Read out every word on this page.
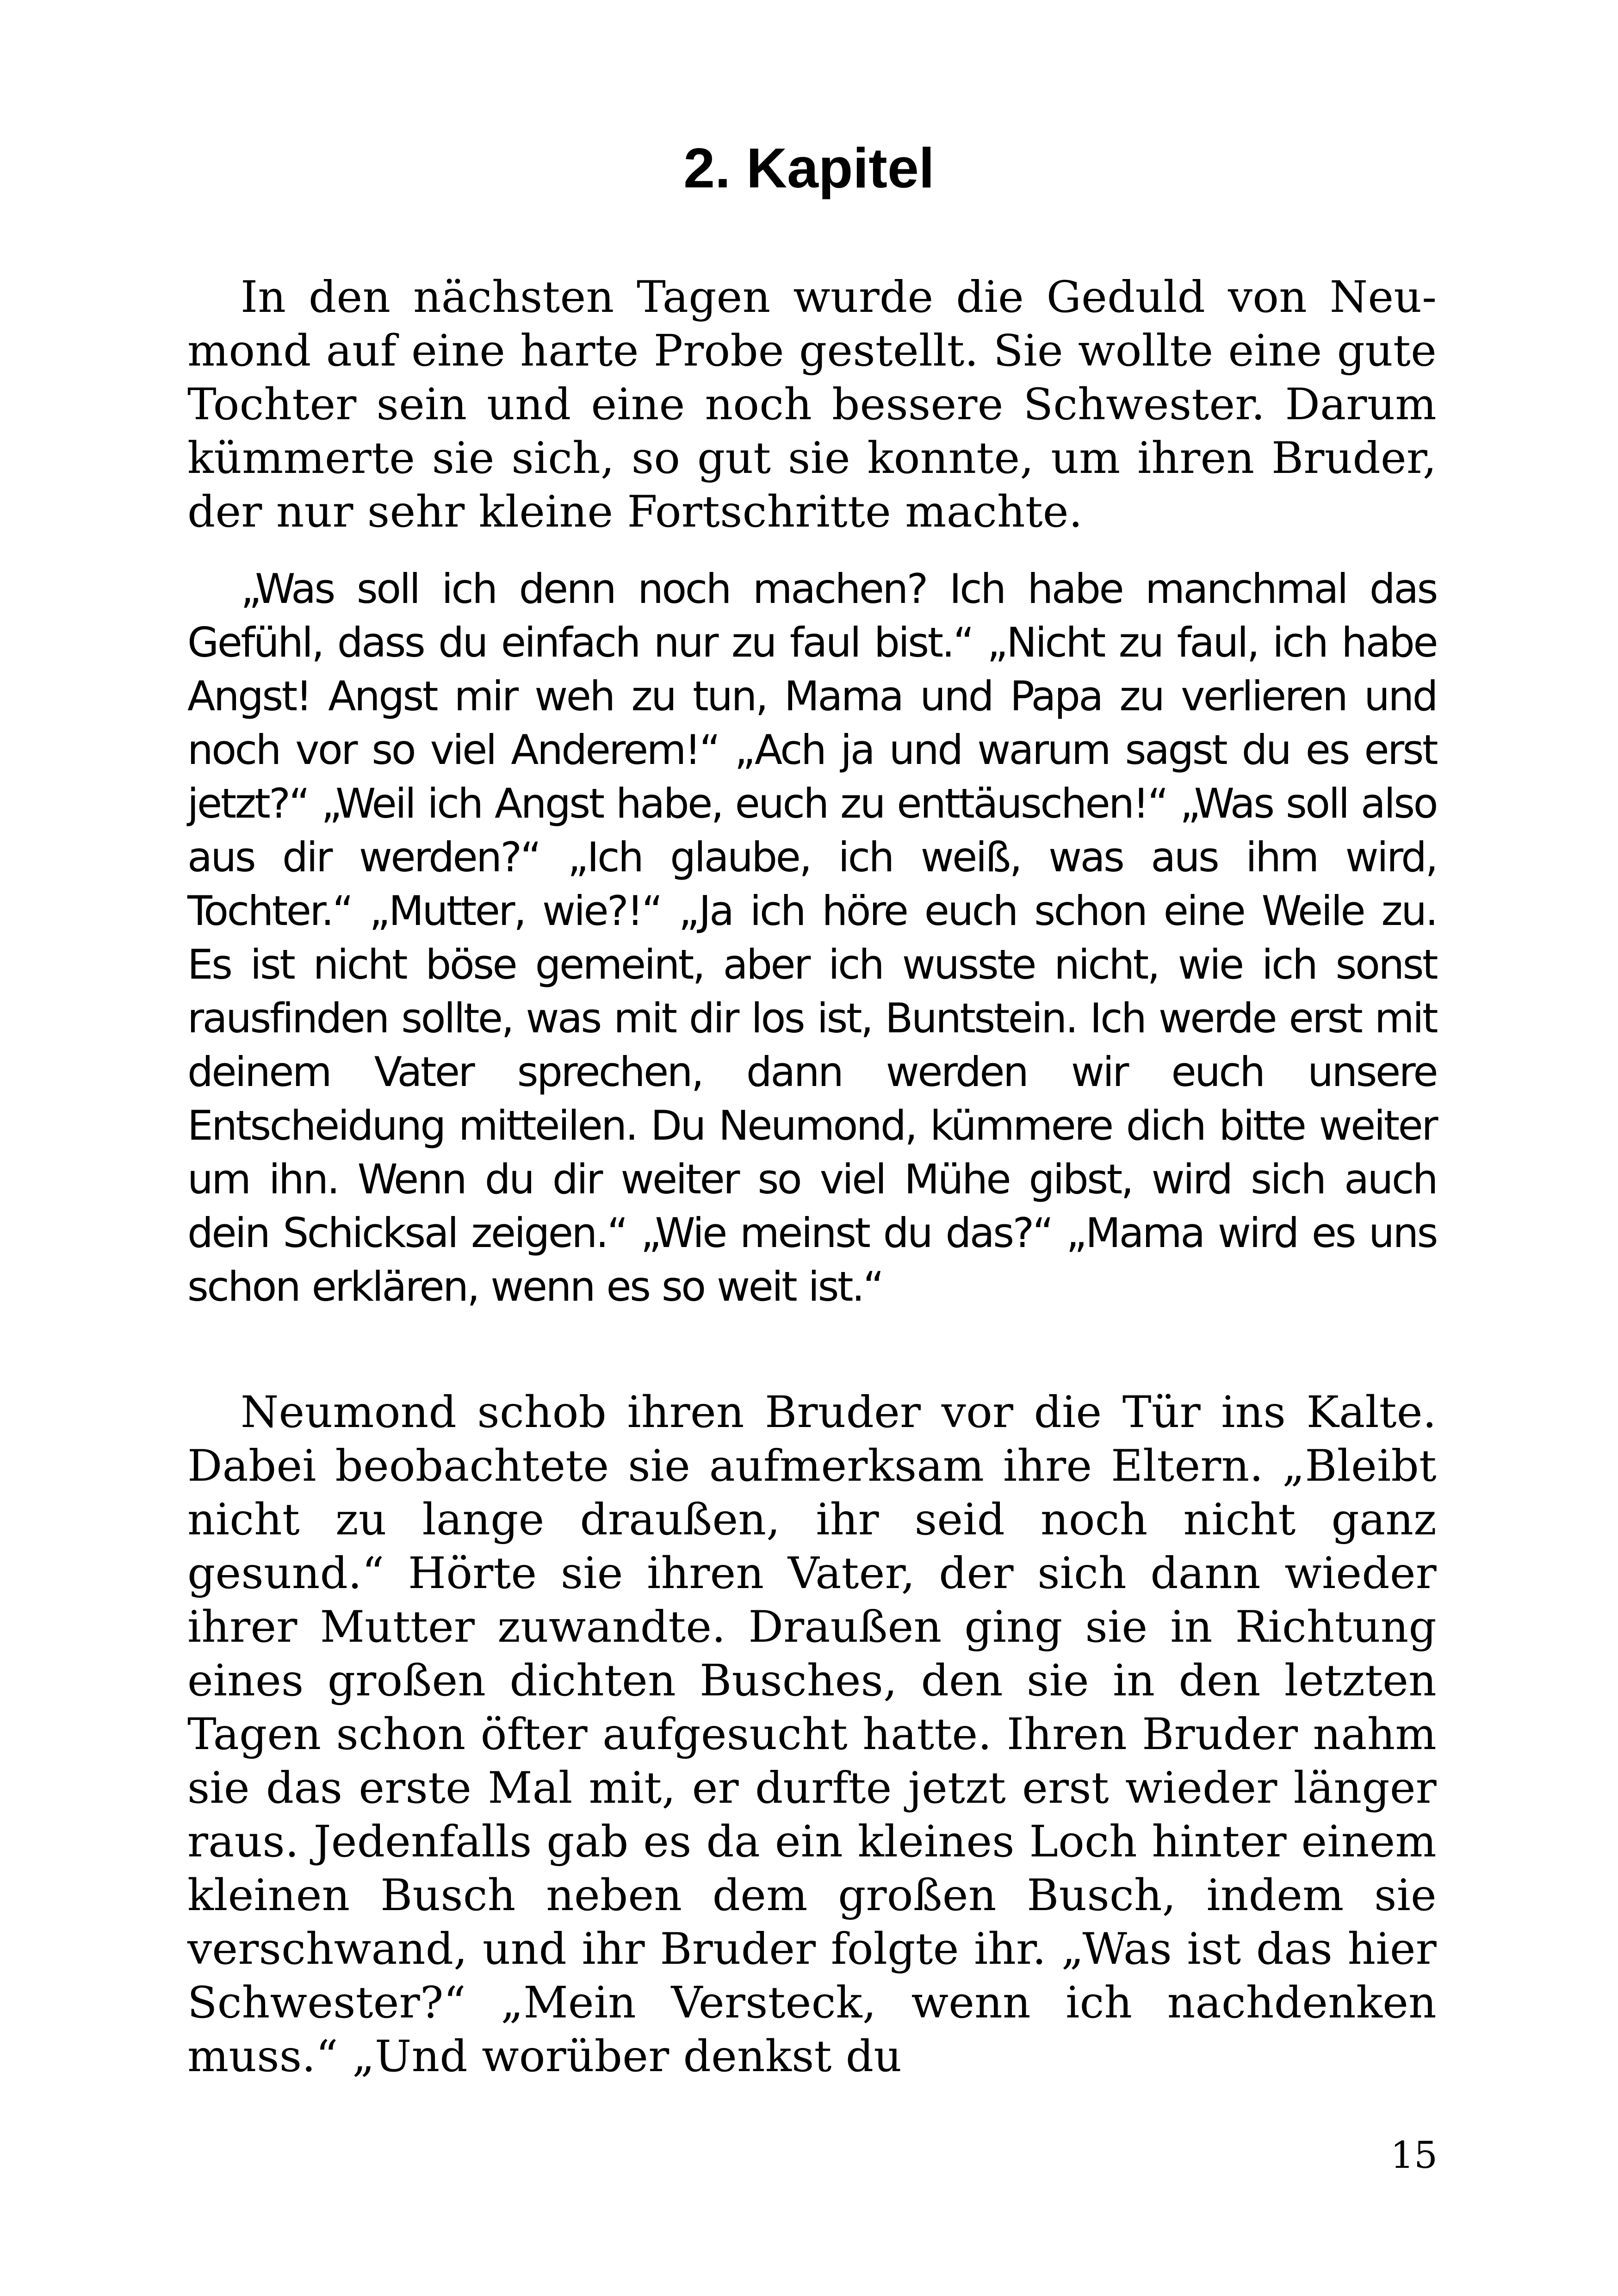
2. Kapitel

In den nächsten Tagen wurde die Geduld von Neumond auf eine harte Probe gestellt. Sie wollte eine gute Tochter sein und eine noch bessere Schwester. Darum kümmerte sie sich, so gut sie konnte, um ihren Bruder, der nur sehr kleine Fortschritte machte.

„Was soll ich denn noch machen? Ich habe manchmal das Gefühl, dass du einfach nur zu faul bist.“ „Nicht zu faul, ich habe Angst! Angst mir weh zu tun, Mama und Papa zu verlieren und noch vor so viel Anderem!“ „Ach ja und warum sagst du es erst jetzt?“ „Weil ich Angst habe, euch zu enttäuschen!“ „Was soll also aus dir werden?“ „Ich glaube, ich weiß, was aus ihm wird, Tochter.“ „Mutter, wie?!“ „Ja ich höre euch schon eine Weile zu. Es ist nicht böse gemeint, aber ich wusste nicht, wie ich sonst rausfinden sollte, was mit dir los ist, Buntstein. Ich werde erst mit deinem Vater sprechen, dann werden wir euch unsere Entscheidung mitteilen. Du Neumond, kümmere dich bitte weiter um ihn. Wenn du dir weiter so viel Mühe gibst, wird sich auch dein Schicksal zeigen.“ „Wie meinst du das?“ „Mama wird es uns schon erklären, wenn es so weit ist.“

Neumond schob ihren Bruder vor die Tür ins Kalte. Dabei beobachtete sie aufmerksam ihre Eltern. „Bleibt nicht zu lange draußen, ihr seid noch nicht ganz gesund.“ Hörte sie ihren Vater, der sich dann wieder ihrer Mutter zuwandte. Draußen ging sie in Richtung eines großen dichten Busches, den sie in den letzten Tagen schon öfter aufgesucht hatte. Ihren Bruder nahm sie das erste Mal mit, er durfte jetzt erst wieder länger raus. Jedenfalls gab es da ein kleines Loch hinter einem kleinen Busch neben dem großen Busch, indem sie verschwand, und ihr Bruder folgte ihr. „Was ist das hier Schwester?“ „Mein Versteck, wenn ich nachdenken muss.“ „Und worüber denkst du

15
